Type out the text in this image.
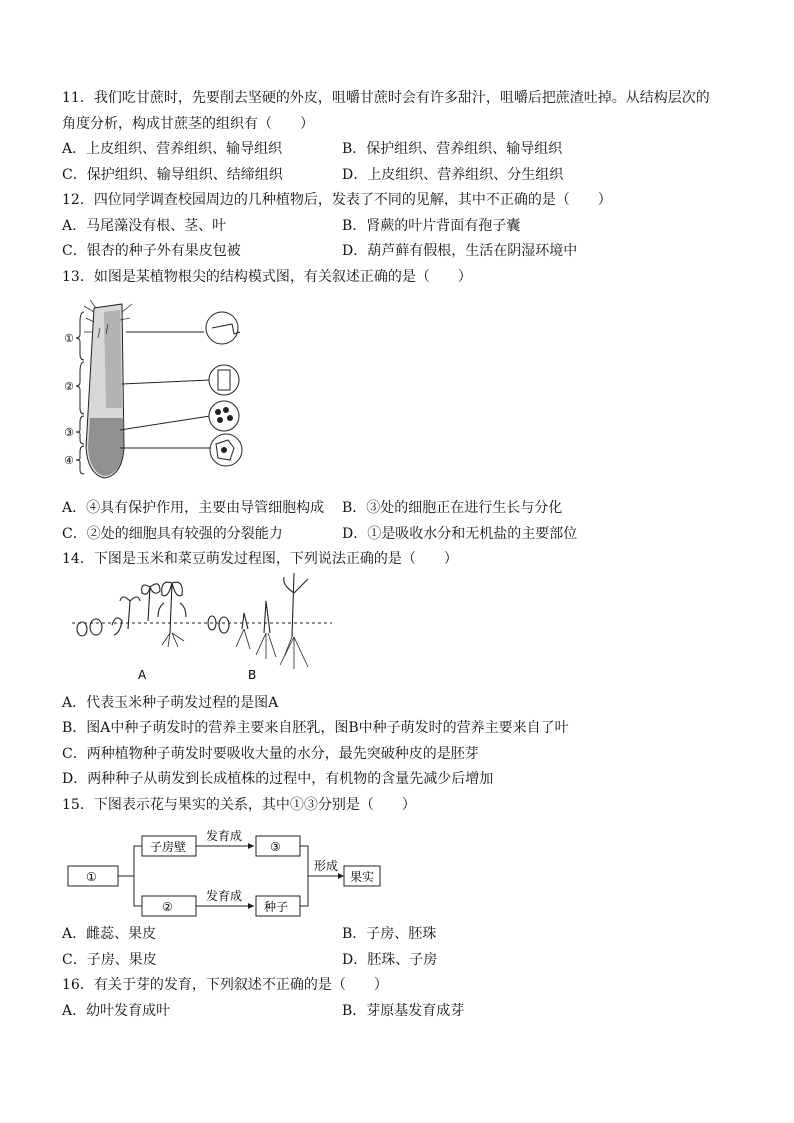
11．我们吃甘蔗时，先要削去坚硬的外皮，咀嚼甘蔗时会有许多甜汁，咀嚼后把蔗渣吐掉。从结构层次的角度分析，构成甘蔗茎的组织有（　　）
A．上皮组织、营养组织、输导组织	B．保护组织、营养组织、输导组织
C．保护组织、输导组织、结缔组织	D．上皮组织、营养组织、分生组织
12．四位同学调查校园周边的几种植物后，发表了不同的见解，其中不正确的是（　　）
A．马尾藻没有根、茎、叶	B．肾蕨的叶片背面有孢子囊
C．银杏的种子外有果皮包被	D．葫芦藓有假根，生活在阴湿环境中
13．如图是某植物根尖的结构模式图，有关叙述正确的是（　　）
①
②
③
④
A．④具有保护作用，主要由导管细胞构成	B．③处的细胞正在进行生长与分化
C．②处的细胞具有较强的分裂能力	D．①是吸收水分和无机盐的主要部位
14．下图是玉米和菜豆萌发过程图，下列说法正确的是（　　）
A	B
A．代表玉米种子萌发过程的是图A
B．图A中种子萌发时的营养主要来自胚乳，图B中种子萌发时的营养主要来自了叶
C．两种植物种子萌发时要吸收大量的水分，最先突破种皮的是胚芽
D．两种种子从萌发到长成植株的过程中，有机物的含量先减少后增加
15．下图表示花与果实的关系，其中①③分别是（　　）
①
子房壁	③
②	种子
果实
发育成
发育成
形成
A．雌蕊、果皮	B．子房、胚珠
C．子房、果皮	D．胚珠、子房
16．有关于芽的发育，下列叙述不正确的是（　　）
A．幼叶发育成叶	B．芽原基发育成芽
